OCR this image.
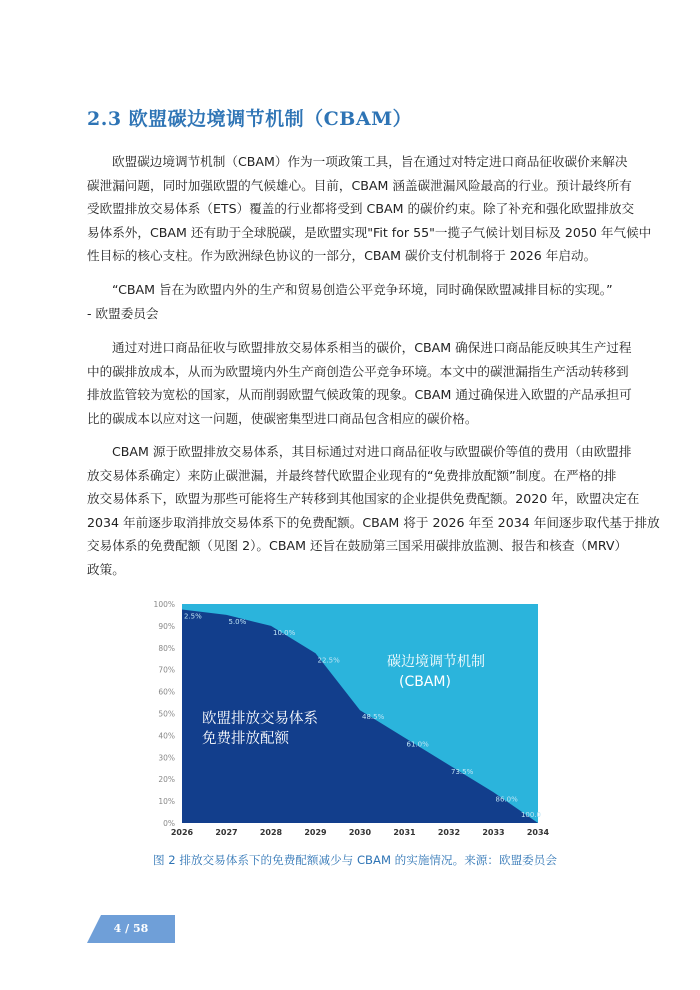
2.3 欧盟碳边境调节机制（CBAM）
欧盟碳边境调节机制（CBAM）作为一项政策工具，旨在通过对特定进口商品征收碳价来解决
碳泄漏问题，同时加强欧盟的气候雄心。目前，CBAM 涵盖碳泄漏风险最高的行业。预计最终所有
受欧盟排放交易体系（ETS）覆盖的行业都将受到 CBAM 的碳价约束。除了补充和强化欧盟排放交
易体系外，CBAM 还有助于全球脱碳，是欧盟实现"Fit for 55"一揽子气候计划目标及 2050 年气候中
性目标的核心支柱。作为欧洲绿色协议的一部分，CBAM 碳价支付机制将于 2026 年启动。
“CBAM 旨在为欧盟内外的生产和贸易创造公平竞争环境，同时确保欧盟减排目标的实现。”
- 欧盟委员会
通过对进口商品征收与欧盟排放交易体系相当的碳价，CBAM 确保进口商品能反映其生产过程
中的碳排放成本，从而为欧盟境内外生产商创造公平竞争环境。本文中的碳泄漏指生产活动转移到
排放监管较为宽松的国家，从而削弱欧盟气候政策的现象。CBAM 通过确保进入欧盟的产品承担可
比的碳成本以应对这一问题，使碳密集型进口商品包含相应的碳价格。
CBAM 源于欧盟排放交易体系，其目标通过对进口商品征收与欧盟碳价等值的费用（由欧盟排
放交易体系确定）来防止碳泄漏，并最终替代欧盟企业现有的“免费排放配额”制度。在严格的排
放交易体系下，欧盟为那些可能将生产转移到其他国家的企业提供免费配额。2020 年，欧盟决定在
2034 年前逐步取消排放交易体系下的免费配额。CBAM 将于 2026 年至 2034 年间逐步取代基于排放
交易体系的免费配额（见图 2）。CBAM 还旨在鼓励第三国采用碳排放监测、报告和核查（MRV）
政策。
0%
10%
20%
30%
40%
50%
60%
70%
80%
90%
100%
2026	2027	2028	2029	2030	2031	2032	2033	2034
2.5%
5.0%
10.0%
22.5%
48.5%
61.0%
73.5%
86.0%
100.0
欧盟排放交易体系
免费排放配额
碳边境调节机制
(CBAM)
图 2 排放交易体系下的免费配额减少与 CBAM 的实施情况。来源：欧盟委员会
4 / 58
